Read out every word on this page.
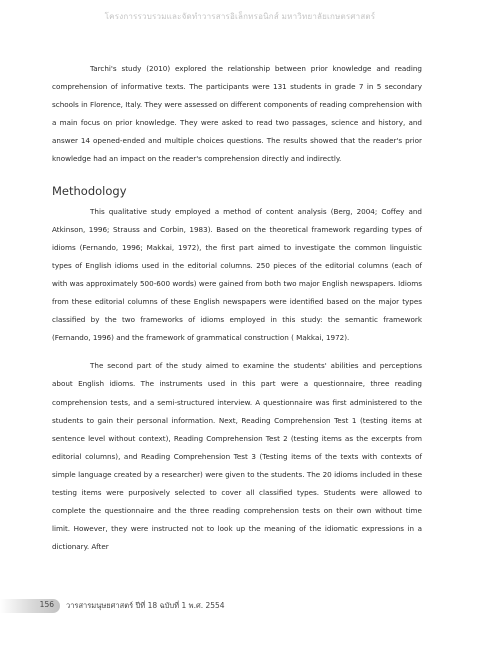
โครงการรวบรวมและจัดทำวารสารอิเล็กทรอนิกส์ มหาวิทยาลัยเกษตรศาสตร์

Tarchi's study (2010) explored the relationship between prior knowledge and reading comprehension of informative texts. The participants were 131 students in grade 7 in 5 secondary schools in Florence, Italy. They were assessed on different components of reading comprehension with a main focus on prior knowledge. They were asked to read two passages, science and history, and answer 14 opened-ended and multiple choices questions. The results showed that the reader's prior knowledge had an impact on the reader's comprehension directly and indirectly.

Methodology

This qualitative study employed a method of content analysis (Berg, 2004; Coffey and Atkinson, 1996; Strauss and Corbin, 1983). Based on the theoretical framework regarding types of idioms (Fernando, 1996; Makkai, 1972), the first part aimed to investigate the common linguistic types of English idioms used in the editorial columns. 250 pieces of the editorial columns (each of with was approximately 500-600 words) were gained from both two major English newspapers. Idioms from these editorial columns of these English newspapers were identified based on the major types classified by the two frameworks of idioms employed in this study: the semantic framework (Fernando, 1996) and the framework of grammatical construction ( Makkai, 1972).

The second part of the study aimed to examine the students' abilities and perceptions about English idioms. The instruments used in this part were a questionnaire, three reading comprehension tests, and a semi-structured interview. A questionnaire was first administered to the students to gain their personal information. Next, Reading Comprehension Test 1 (testing items at sentence level without context), Reading Comprehension Test 2 (testing items as the excerpts from editorial columns), and Reading Comprehension Test 3 (Testing items of the texts with contexts of simple language created by a researcher) were given to the students. The 20 idioms included in these testing items were purposively selected to cover all classified types. Students were allowed to complete the questionnaire and the three reading comprehension tests on their own without time limit. However, they were instructed not to look up the meaning of the idiomatic expressions in a dictionary. After

156 วารสารมนุษยศาสตร์ ปีที่ 18 ฉบับที่ 1 พ.ศ. 2554
